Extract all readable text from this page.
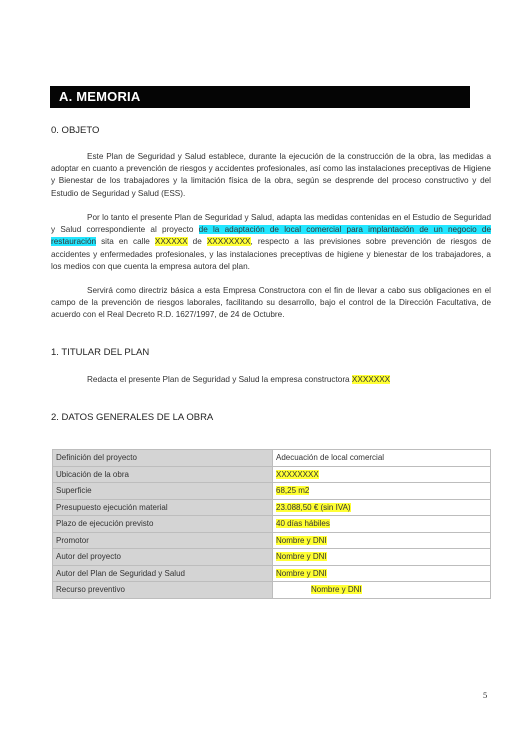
A. MEMORIA
0. OBJETO
Este Plan de Seguridad y Salud establece, durante la ejecución de la construcción de la obra, las medidas a adoptar en cuanto a prevención de riesgos y accidentes profesionales, así como las instalaciones preceptivas de Higiene y Bienestar de los trabajadores y la limitación física de la obra, según se desprende del proceso constructivo y del Estudio de Seguridad y Salud (ESS).
Por lo tanto el presente Plan de Seguridad y Salud, adapta las medidas contenidas en el Estudio de Seguridad y Salud correspondiente al proyecto de la adaptación de local comercial para implantación de un negocio de restauración sita en calle XXXXXX de XXXXXXXX, respecto a las previsiones sobre prevención de riesgos de accidentes y enfermedades profesionales, y las instalaciones preceptivas de higiene y bienestar de los trabajadores, a los medios con que cuenta la empresa autora del plan.
Servirá como directriz básica a esta Empresa Constructora con el fin de llevar a cabo sus obligaciones en el campo de la prevención de riesgos laborales, facilitando su desarrollo, bajo el control de la Dirección Facultativa, de acuerdo con el Real Decreto R.D. 1627/1997, de 24 de Octubre.
1. TITULAR DEL PLAN
Redacta el presente Plan de Seguridad y Salud la empresa constructora XXXXXXX
2. DATOS GENERALES DE LA OBRA
Definición del proyecto	Adecuación de local comercial
Ubicación de la obra	XXXXXXXX
Superficie	68,25 m2
Presupuesto ejecución material	23.088,50 € (sin IVA)
Plazo de ejecución previsto	40 días hábiles
Promotor	Nombre y DNI
Autor del proyecto	Nombre y DNI
Autor del Plan de Seguridad y Salud	Nombre y DNI
Recurso preventivo	Nombre y DNI
5
